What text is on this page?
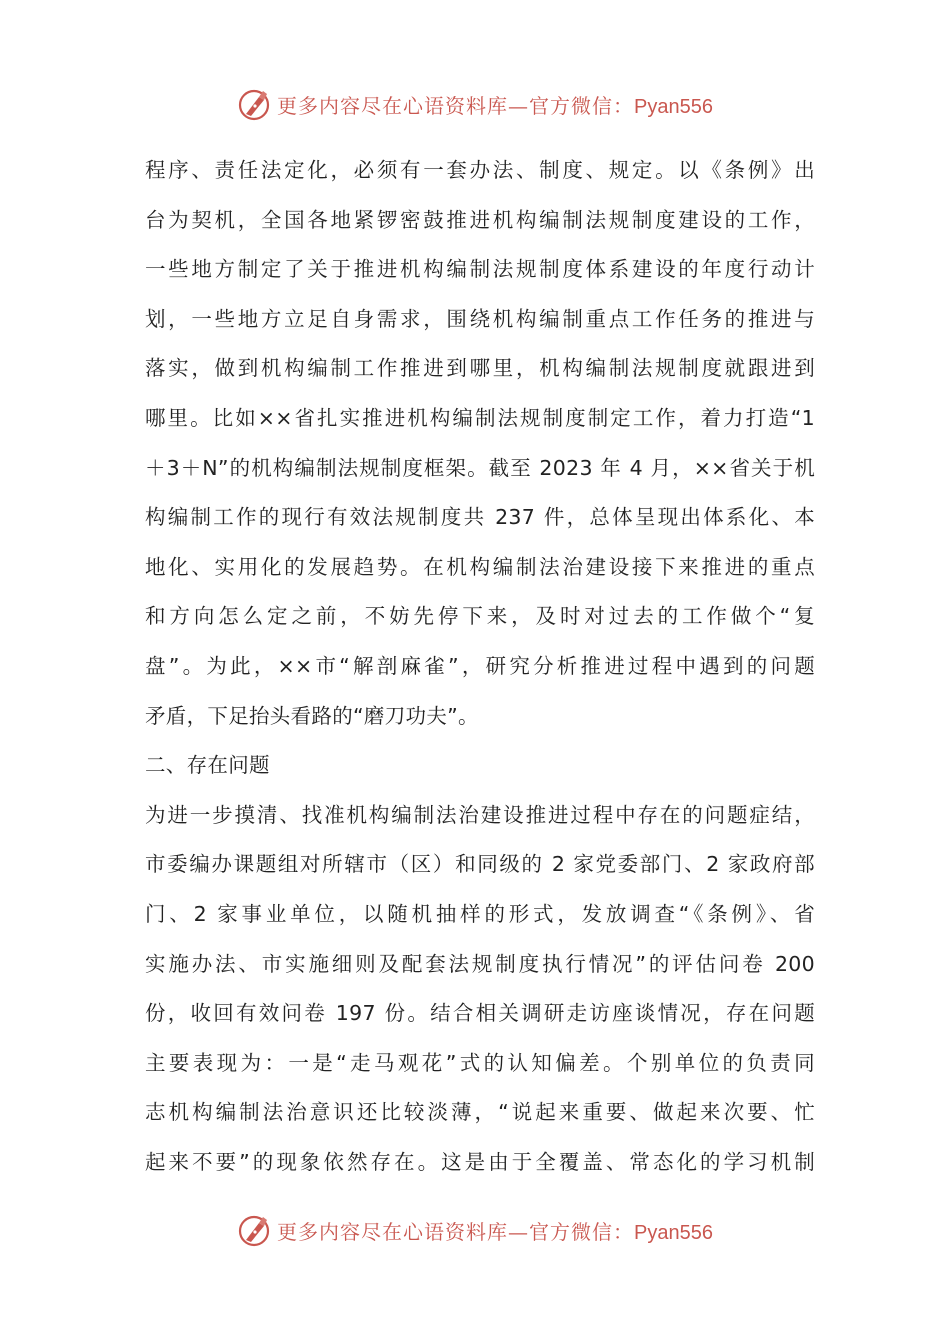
更多内容尽在心语资料库—官方微信：Pyan556
程序、责任法定化，必须有一套办法、制度、规定。以《条例》出
台为契机，全国各地紧锣密鼓推进机构编制法规制度建设的工作，
一些地方制定了关于推进机构编制法规制度体系建设的年度行动计
划，一些地方立足自身需求，围绕机构编制重点工作任务的推进与
落实，做到机构编制工作推进到哪里，机构编制法规制度就跟进到
哪里。比如××省扎实推进机构编制法规制度制定工作，着力打造“1
＋3＋N”的机构编制法规制度框架。截至 2023 年 4 月，××省关于机
构编制工作的现行有效法规制度共 237 件，总体呈现出体系化、本
地化、实用化的发展趋势。在机构编制法治建设接下来推进的重点
和方向怎么定之前，不妨先停下来，及时对过去的工作做个“复
盘”。为此，××市“解剖麻雀”，研究分析推进过程中遇到的问题
矛盾，下足抬头看路的“磨刀功夫”。
二、存在问题
为进一步摸清、找准机构编制法治建设推进过程中存在的问题症结，
市委编办课题组对所辖市（区）和同级的 2 家党委部门、2 家政府部
门、2 家事业单位，以随机抽样的形式，发放调查“《条例》、省
实施办法、市实施细则及配套法规制度执行情况”的评估问卷 200
份，收回有效问卷 197 份。结合相关调研走访座谈情况，存在问题
主要表现为：一是“走马观花”式的认知偏差。个别单位的负责同
志机构编制法治意识还比较淡薄，“说起来重要、做起来次要、忙
起来不要”的现象依然存在。这是由于全覆盖、常态化的学习机制
更多内容尽在心语资料库—官方微信：Pyan556
